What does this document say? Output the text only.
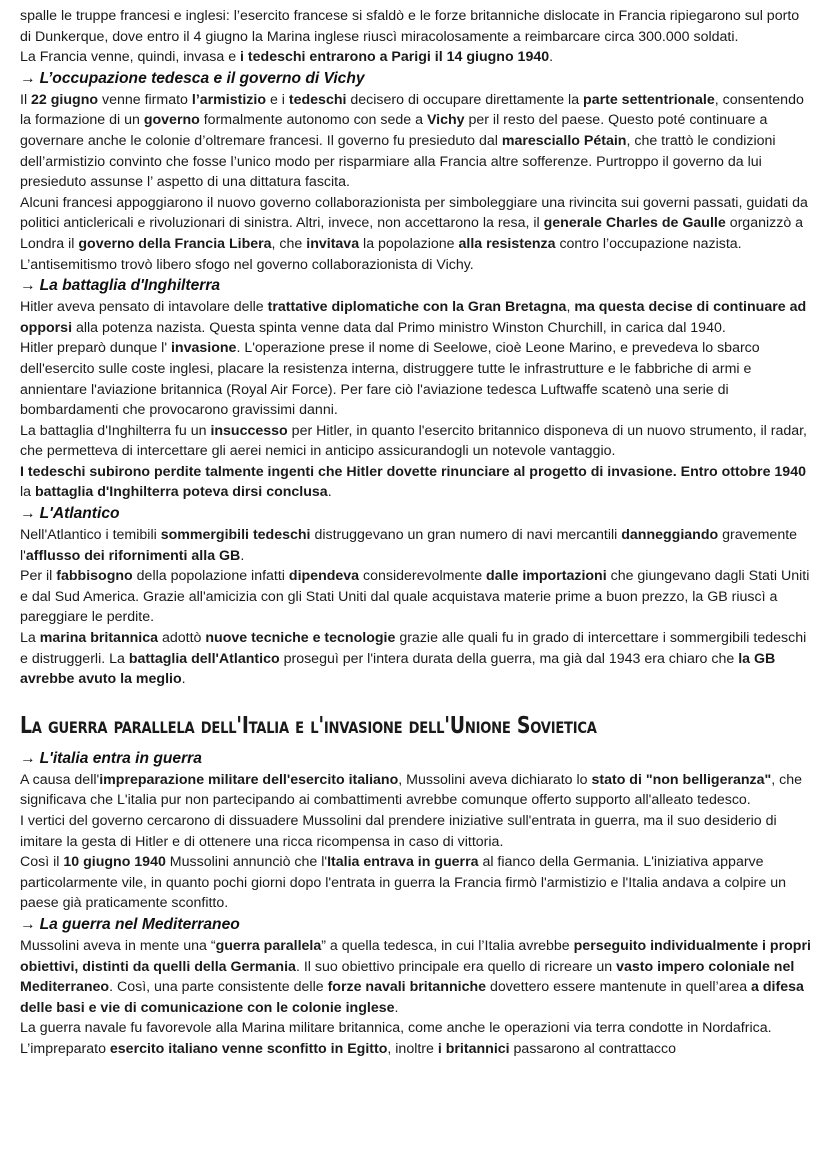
spalle le truppe francesi e inglesi: l’esercito francese si sfaldò e le forze britanniche dislocate in Francia ripiegarono sul porto di Dunkerque, dove entro il 4 giugno la Marina inglese riuscì miracolosamente a reimbarcare circa 300.000 soldati.

La Francia venne, quindi, invasa e i tedeschi entrarono a Parigi il 14 giugno 1940.

→ L’occupazione tedesca e il governo di Vichy

Il 22 giugno venne firmato l’armistizio e i tedeschi decisero di occupare direttamente la parte settentrionale, consentendo la formazione di un governo formalmente autonomo con sede a Vichy per il resto del paese. Questo poté continuare a governare anche le colonie d’oltremare francesi. Il governo fu presieduto dal maresciallo Pétain, che trattò le condizioni dell’armistizio convinto che fosse l’unico modo per risparmiare alla Francia altre sofferenze. Purtroppo il governo da lui presieduto assunse l’ aspetto di una dittatura fascita.

Alcuni francesi appoggiarono il nuovo governo collaborazionista per simboleggiare una rivincita sui governi passati, guidati da politici anticlericali e rivoluzionari di sinistra. Altri, invece, non accettarono la resa, il generale Charles de Gaulle organizzò a Londra il governo della Francia Libera, che invitava la popolazione alla resistenza contro l’occupazione nazista.

L’antisemitismo trovò libero sfogo nel governo collaborazionista di Vichy.

→ La battaglia d'Inghilterra

Hitler aveva pensato di intavolare delle trattative diplomatiche con la Gran Bretagna, ma questa decise di continuare ad opporsi alla potenza nazista. Questa spinta venne data dal Primo ministro Winston Churchill, in carica dal 1940.

Hitler preparò dunque l' invasione. L'operazione prese il nome di Seelowe, cioè Leone Marino, e prevedeva lo sbarco dell'esercito sulle coste inglesi, placare la resistenza interna, distruggere tutte le infrastrutture e le fabbriche di armi e annientare l'aviazione britannica (Royal Air Force). Per fare ciò l'aviazione tedesca Luftwaffe scatenò una serie di bombardamenti che provocarono gravissimi danni.

La battaglia d'Inghilterra fu un insuccesso per Hitler, in quanto l'esercito britannico disponeva di un nuovo strumento, il radar, che permetteva di intercettare gli aerei nemici in anticipo assicurandogli un notevole vantaggio.

I tedeschi subirono perdite talmente ingenti che Hitler dovette rinunciare al progetto di invasione. Entro ottobre 1940 la battaglia d'Inghilterra poteva dirsi conclusa.

→ L'Atlantico

Nell'Atlantico i temibili sommergibili tedeschi distruggevano un gran numero di navi mercantili danneggiando gravemente l'afflusso dei rifornimenti alla GB.

Per il fabbisogno della popolazione infatti dipendeva considerevolmente dalle importazioni che giungevano dagli Stati Uniti e dal Sud America. Grazie all'amicizia con gli Stati Uniti dal quale acquistava materie prime a buon prezzo, la GB riuscì a pareggiare le perdite.

La marina britannica adottò nuove tecniche e tecnologie grazie alle quali fu in grado di intercettare i sommergibili tedeschi e distruggerli. La battaglia dell'Atlantico proseguì per l'intera durata della guerra, ma già dal 1943 era chiaro che la GB avrebbe avuto la meglio.

La guerra parallela dell'Italia e l'invasione dell'Unione Sovietica

→ L'italia entra in guerra

A causa dell'impreparazione militare dell'esercito italiano, Mussolini aveva dichiarato lo stato di "non belligeranza", che significava che L'italia pur non partecipando ai combattimenti avrebbe comunque offerto supporto all'alleato tedesco.

I vertici del governo cercarono di dissuadere Mussolini dal prendere iniziative sull'entrata in guerra, ma il suo desiderio di imitare la gesta di Hitler e di ottenere una ricca ricompensa in caso di vittoria.

Così il 10 giugno 1940 Mussolini annunciò che l'Italia entrava in guerra al fianco della Germania. L'iniziativa apparve particolarmente vile, in quanto pochi giorni dopo l'entrata in guerra la Francia firmò l'armistizio e l'Italia andava a colpire un paese già praticamente sconfitto.

→ La guerra nel Mediterraneo

Mussolini aveva in mente una “guerra parallela” a quella tedesca, in cui l’Italia avrebbe perseguito individualmente i propri obiettivi, distinti da quelli della Germania. Il suo obiettivo principale era quello di ricreare un vasto impero coloniale nel Mediterraneo. Così, una parte consistente delle forze navali britanniche dovettero essere mantenute in quell’area a difesa delle basi e vie di comunicazione con le colonie inglese.

La guerra navale fu favorevole alla Marina militare britannica, come anche le operazioni via terra condotte in Nordafrica. L’impreparato esercito italiano venne sconfitto in Egitto, inoltre i britannici passarono al contrattacco
